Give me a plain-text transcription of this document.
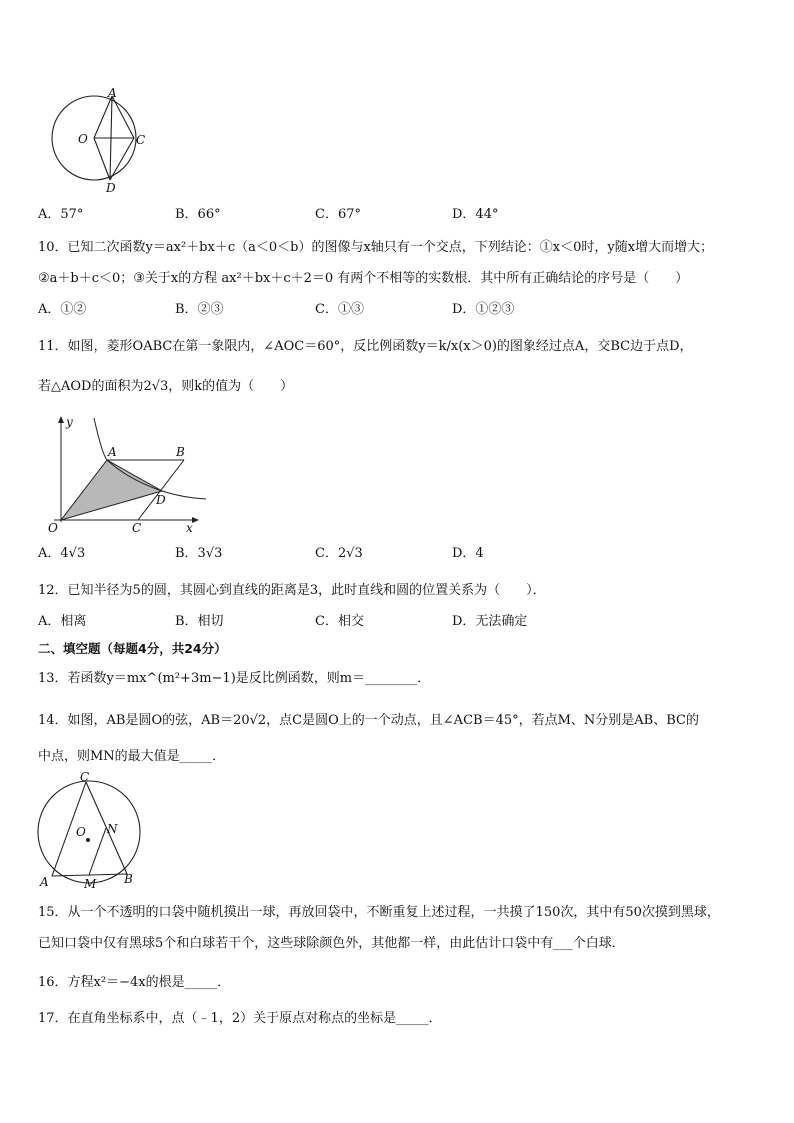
A
O	C
D
A．57°	B．66°	C．67°	D．44°
10．已知二次函数y＝ax²＋bx＋c（a＜0＜b）的图像与x轴只有一个交点，下列结论：①x＜0时，y随x增大而增大；
②a＋b＋c＜0；③关于x的方程 ax²＋bx＋c＋2＝0 有两个不相等的实数根．其中所有正确结论的序号是（　　）
A．①②	B．②③	C．①③	D．①②③
11．如图，菱形OABC在第一象限内，∠AOC＝60°，反比例函数y＝k/x(x＞0)的图象经过点A，交BC边于点D，
若△AOD的面积为2√3，则k的值为（　　）
y
A	B
D
O	C	x
A．4√3	B．3√3	C．2√3	D．4
12．已知半径为5的圆，其圆心到直线的距离是3，此时直线和圆的位置关系为（　　）．
A．相离	B．相切	C．相交	D．无法确定
二、填空题（每题4分，共24分）
13．若函数y＝mx^(m²+3m−1)是反比例函数，则m＝________．
14．如图，AB是圆O的弦，AB＝20√2，点C是圆O上的一个动点，且∠ACB＝45°，若点M、N分别是AB、BC的
中点，则MN的最大值是_____．
C
O N
A	M B
15．从一个不透明的口袋中随机摸出一球，再放回袋中，不断重复上述过程，一共摸了150次，其中有50次摸到黑球，
已知口袋中仅有黑球5个和白球若干个，这些球除颜色外，其他都一样，由此估计口袋中有___个白球．
16．方程x²＝−4x的根是_____．
17．在直角坐标系中，点（﹣1，2）关于原点对称点的坐标是_____．
